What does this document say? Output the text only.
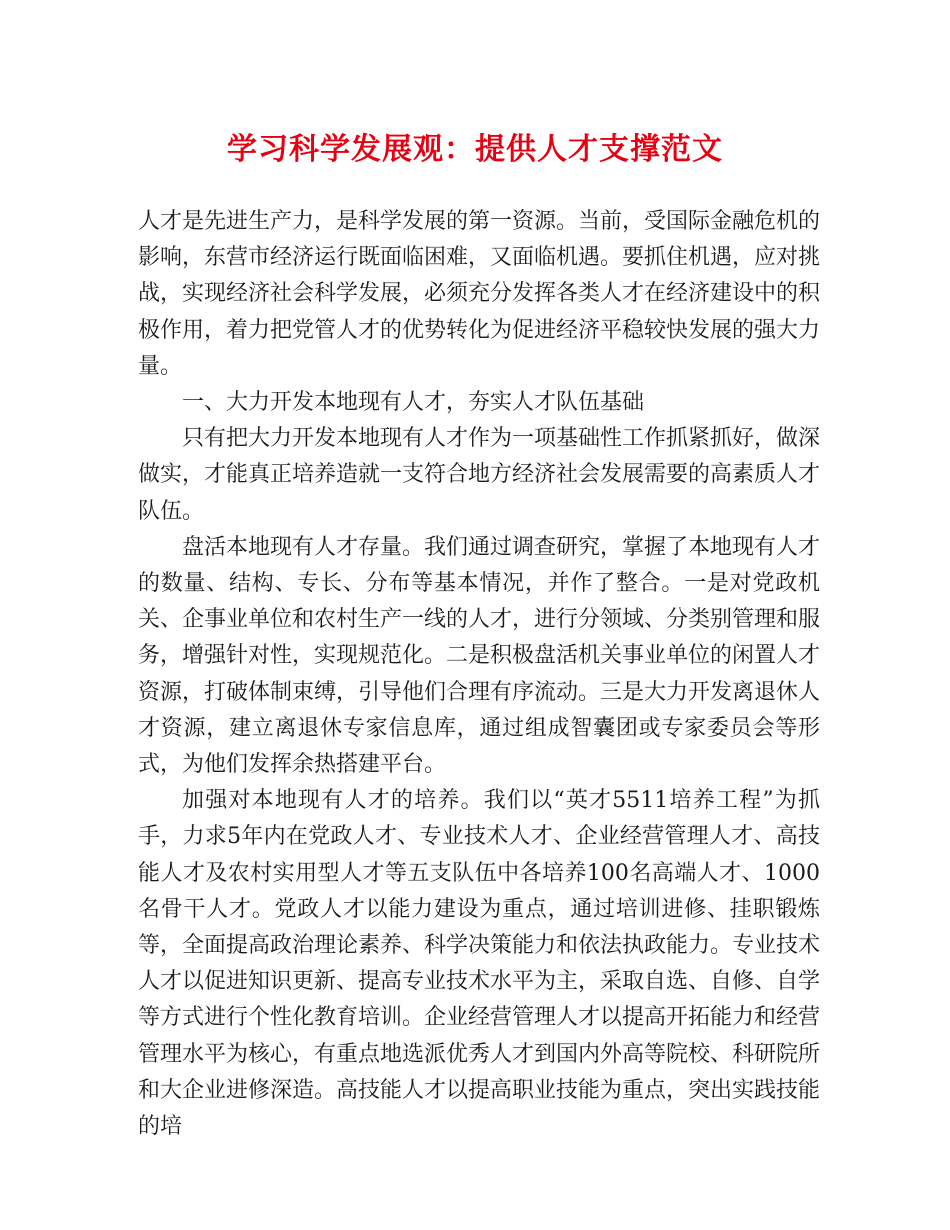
学习科学发展观：提供人才支撑范文

人才是先进生产力，是科学发展的第一资源。当前，受国际金融危机的影响，东营市经济运行既面临困难，又面临机遇。要抓住机遇，应对挑战，实现经济社会科学发展，必须充分发挥各类人才在经济建设中的积极作用，着力把党管人才的优势转化为促进经济平稳较快发展的强大力量。

一、大力开发本地现有人才，夯实人才队伍基础

只有把大力开发本地现有人才作为一项基础性工作抓紧抓好，做深做实，才能真正培养造就一支符合地方经济社会发展需要的高素质人才队伍。

盘活本地现有人才存量。我们通过调查研究，掌握了本地现有人才的数量、结构、专长、分布等基本情况，并作了整合。一是对党政机关、企事业单位和农村生产一线的人才，进行分领域、分类别管理和服务，增强针对性，实现规范化。二是积极盘活机关事业单位的闲置人才资源，打破体制束缚，引导他们合理有序流动。三是大力开发离退休人才资源，建立离退休专家信息库，通过组成智囊团或专家委员会等形式，为他们发挥余热搭建平台。

加强对本地现有人才的培养。我们以“英才5511培养工程”为抓手，力求5年内在党政人才、专业技术人才、企业经营管理人才、高技能人才及农村实用型人才等五支队伍中各培养100名高端人才、1000名骨干人才。党政人才以能力建设为重点，通过培训进修、挂职锻炼等，全面提高政治理论素养、科学决策能力和依法执政能力。专业技术人才以促进知识更新、提高专业技术水平为主，采取自选、自修、自学等方式进行个性化教育培训。企业经营管理人才以提高开拓能力和经营管理水平为核心，有重点地选派优秀人才到国内外高等院校、科研院所和大企业进修深造。高技能人才以提高职业技能为重点，突出实践技能的培
